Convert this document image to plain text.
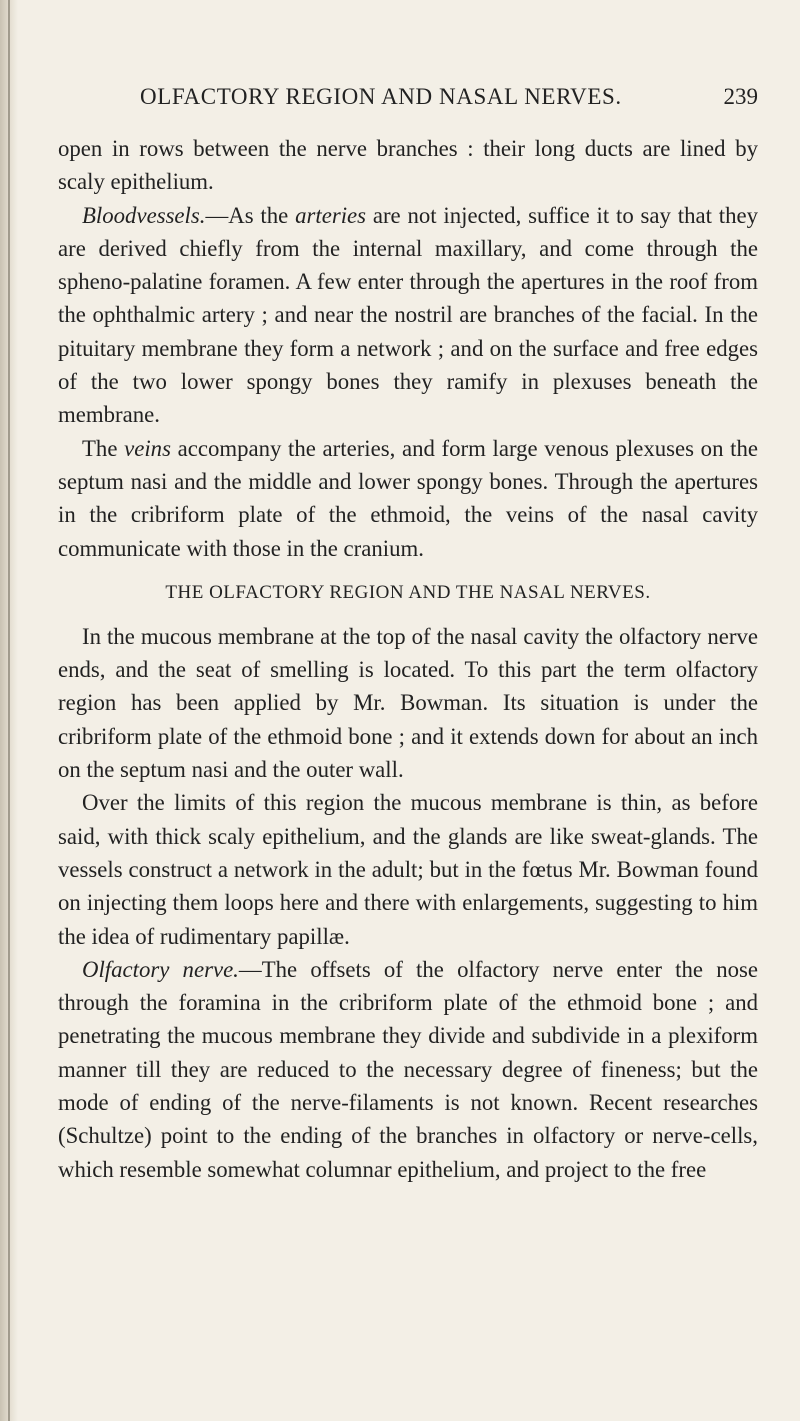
OLFACTORY REGION AND NASAL NERVES.	239

open in rows between the nerve branches : their long ducts are lined by scaly epithelium.

Bloodvessels.—As the arteries are not injected, suffice it to say that they are derived chiefly from the internal maxillary, and come through the spheno-palatine foramen. A few enter through the apertures in the roof from the ophthalmic artery ; and near the nostril are branches of the facial. In the pituitary membrane they form a network ; and on the surface and free edges of the two lower spongy bones they ramify in plexuses beneath the membrane.

The veins accompany the arteries, and form large venous plexuses on the septum nasi and the middle and lower spongy bones. Through the apertures in the cribriform plate of the ethmoid, the veins of the nasal cavity communicate with those in the cranium.

THE OLFACTORY REGION AND THE NASAL NERVES.

In the mucous membrane at the top of the nasal cavity the olfactory nerve ends, and the seat of smelling is located. To this part the term olfactory region has been applied by Mr. Bowman. Its situation is under the cribriform plate of the ethmoid bone ; and it extends down for about an inch on the septum nasi and the outer wall.

Over the limits of this region the mucous membrane is thin, as before said, with thick scaly epithelium, and the glands are like sweat-glands. The vessels construct a network in the adult; but in the fœtus Mr. Bowman found on injecting them loops here and there with enlargements, suggesting to him the idea of rudimentary papillæ.

Olfactory nerve.—The offsets of the olfactory nerve enter the nose through the foramina in the cribriform plate of the ethmoid bone ; and penetrating the mucous membrane they divide and subdivide in a plexiform manner till they are reduced to the necessary degree of fineness; but the mode of ending of the nerve-filaments is not known. Recent researches (Schultze) point to the ending of the branches in olfactory or nerve-cells, which resemble somewhat columnar epithelium, and project to the free
